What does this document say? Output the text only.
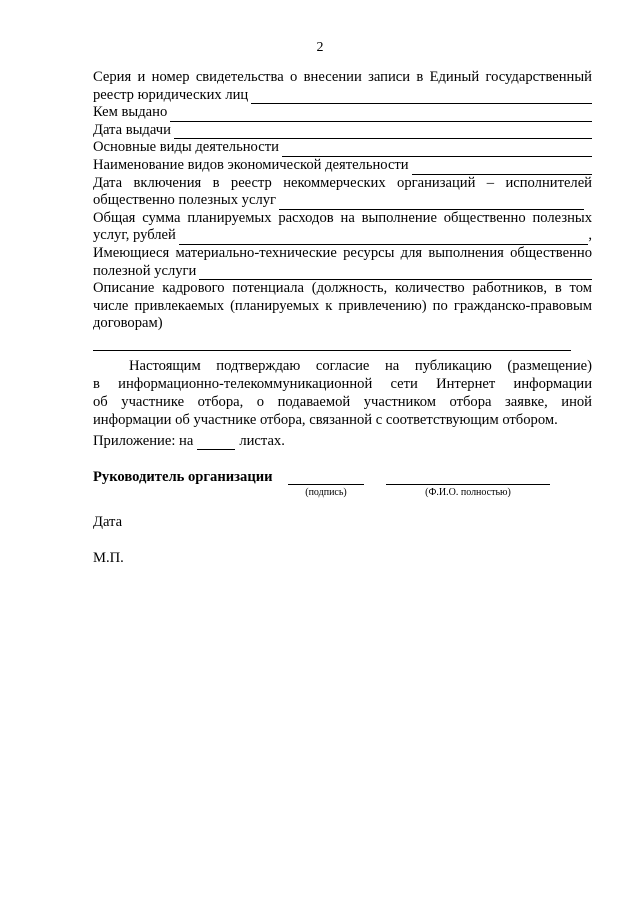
2
Серия и номер свидетельства о внесении записи в Единый государственный
реестр юридических лиц
Кем выдано
Дата выдачи
Основные виды деятельности
Наименование видов экономической деятельности
Дата включения в реестр некоммерческих организаций – исполнителей
общественно полезных услуг
Общая сумма планируемых расходов на выполнение общественно полезных
услуг, рублей	,
Имеющиеся материально-технические ресурсы для выполнения общественно
полезной услуги
Описание кадрового потенциала (должность, количество работников, в том
числе привлекаемых (планируемых к привлечению) по гражданско-правовым
договорам)
Настоящим подтверждаю согласие на публикацию (размещение)
в информационно-телекоммуникационной сети Интернет информации
об участнике отбора, о подаваемой участником отбора заявке, иной
информации об участнике отбора, связанной с соответствующим отбором.
Приложение: на	листах.
Руководитель организации
(подпись)	(Ф.И.О. полностью)
Дата
М.П.
